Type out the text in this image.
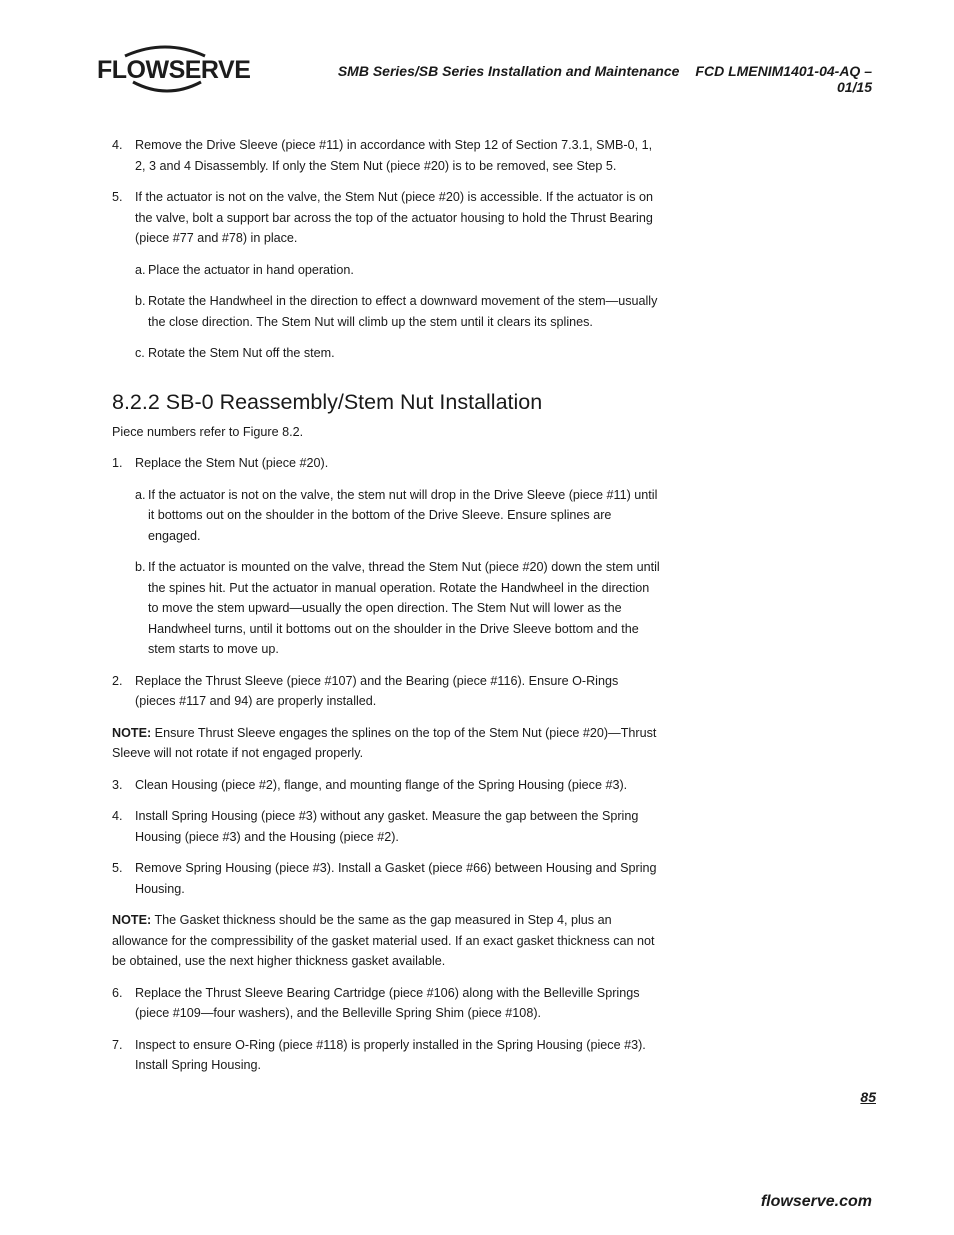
FLOWSERVE	SMB Series/SB Series Installation and Maintenance FCD LMENIM1401-04-AQ – 01/15
4. Remove the Drive Sleeve (piece #11) in accordance with Step 12 of Section 7.3.1, SMB-0, 1, 2, 3 and 4 Disassembly. If only the Stem Nut (piece #20) is to be removed, see Step 5.
5. If the actuator is not on the valve, the Stem Nut (piece #20) is accessible. If the actuator is on the valve, bolt a support bar across the top of the actuator housing to hold the Thrust Bearing (piece #77 and #78) in place.
a. Place the actuator in hand operation.
b. Rotate the Handwheel in the direction to effect a downward movement of the stem—usually the close direction. The Stem Nut will climb up the stem until it clears its splines.
c. Rotate the Stem Nut off the stem.
8.2.2 SB-0 Reassembly/Stem Nut Installation

Piece numbers refer to Figure 8.2.

1. Replace the Stem Nut (piece #20).
a. If the actuator is not on the valve, the stem nut will drop in the Drive Sleeve (piece #11) until it bottoms out on the shoulder in the bottom of the Drive Sleeve. Ensure splines are engaged.
b. If the actuator is mounted on the valve, thread the Stem Nut (piece #20) down the stem until the spines hit. Put the actuator in manual operation. Rotate the Handwheel in the direction to move the stem upward—usually the open direction. The Stem Nut will lower as the Handwheel turns, until it bottoms out on the shoulder in the Drive Sleeve bottom and the stem starts to move up.
2. Replace the Thrust Sleeve (piece #107) and the Bearing (piece #116). Ensure O-Rings (pieces #117 and 94) are properly installed.

NOTE: Ensure Thrust Sleeve engages the splines on the top of the Stem Nut (piece #20)—Thrust Sleeve will not rotate if not engaged properly.

3. Clean Housing (piece #2), flange, and mounting flange of the Spring Housing (piece #3).
4. Install Spring Housing (piece #3) without any gasket. Measure the gap between the Spring Housing (piece #3) and the Housing (piece #2).
5. Remove Spring Housing (piece #3). Install a Gasket (piece #66) between Housing and Spring Housing.

NOTE: The Gasket thickness should be the same as the gap measured in Step 4, plus an allowance for the compressibility of the gasket material used. If an exact gasket thickness can not be obtained, use the next higher thickness gasket available.

6. Replace the Thrust Sleeve Bearing Cartridge (piece #106) along with the Belleville Springs (piece #109—four washers), and the Belleville Spring Shim (piece #108).
7. Inspect to ensure O-Ring (piece #118) is properly installed in the Spring Housing (piece #3). Install Spring Housing.
85
flowserve.com
